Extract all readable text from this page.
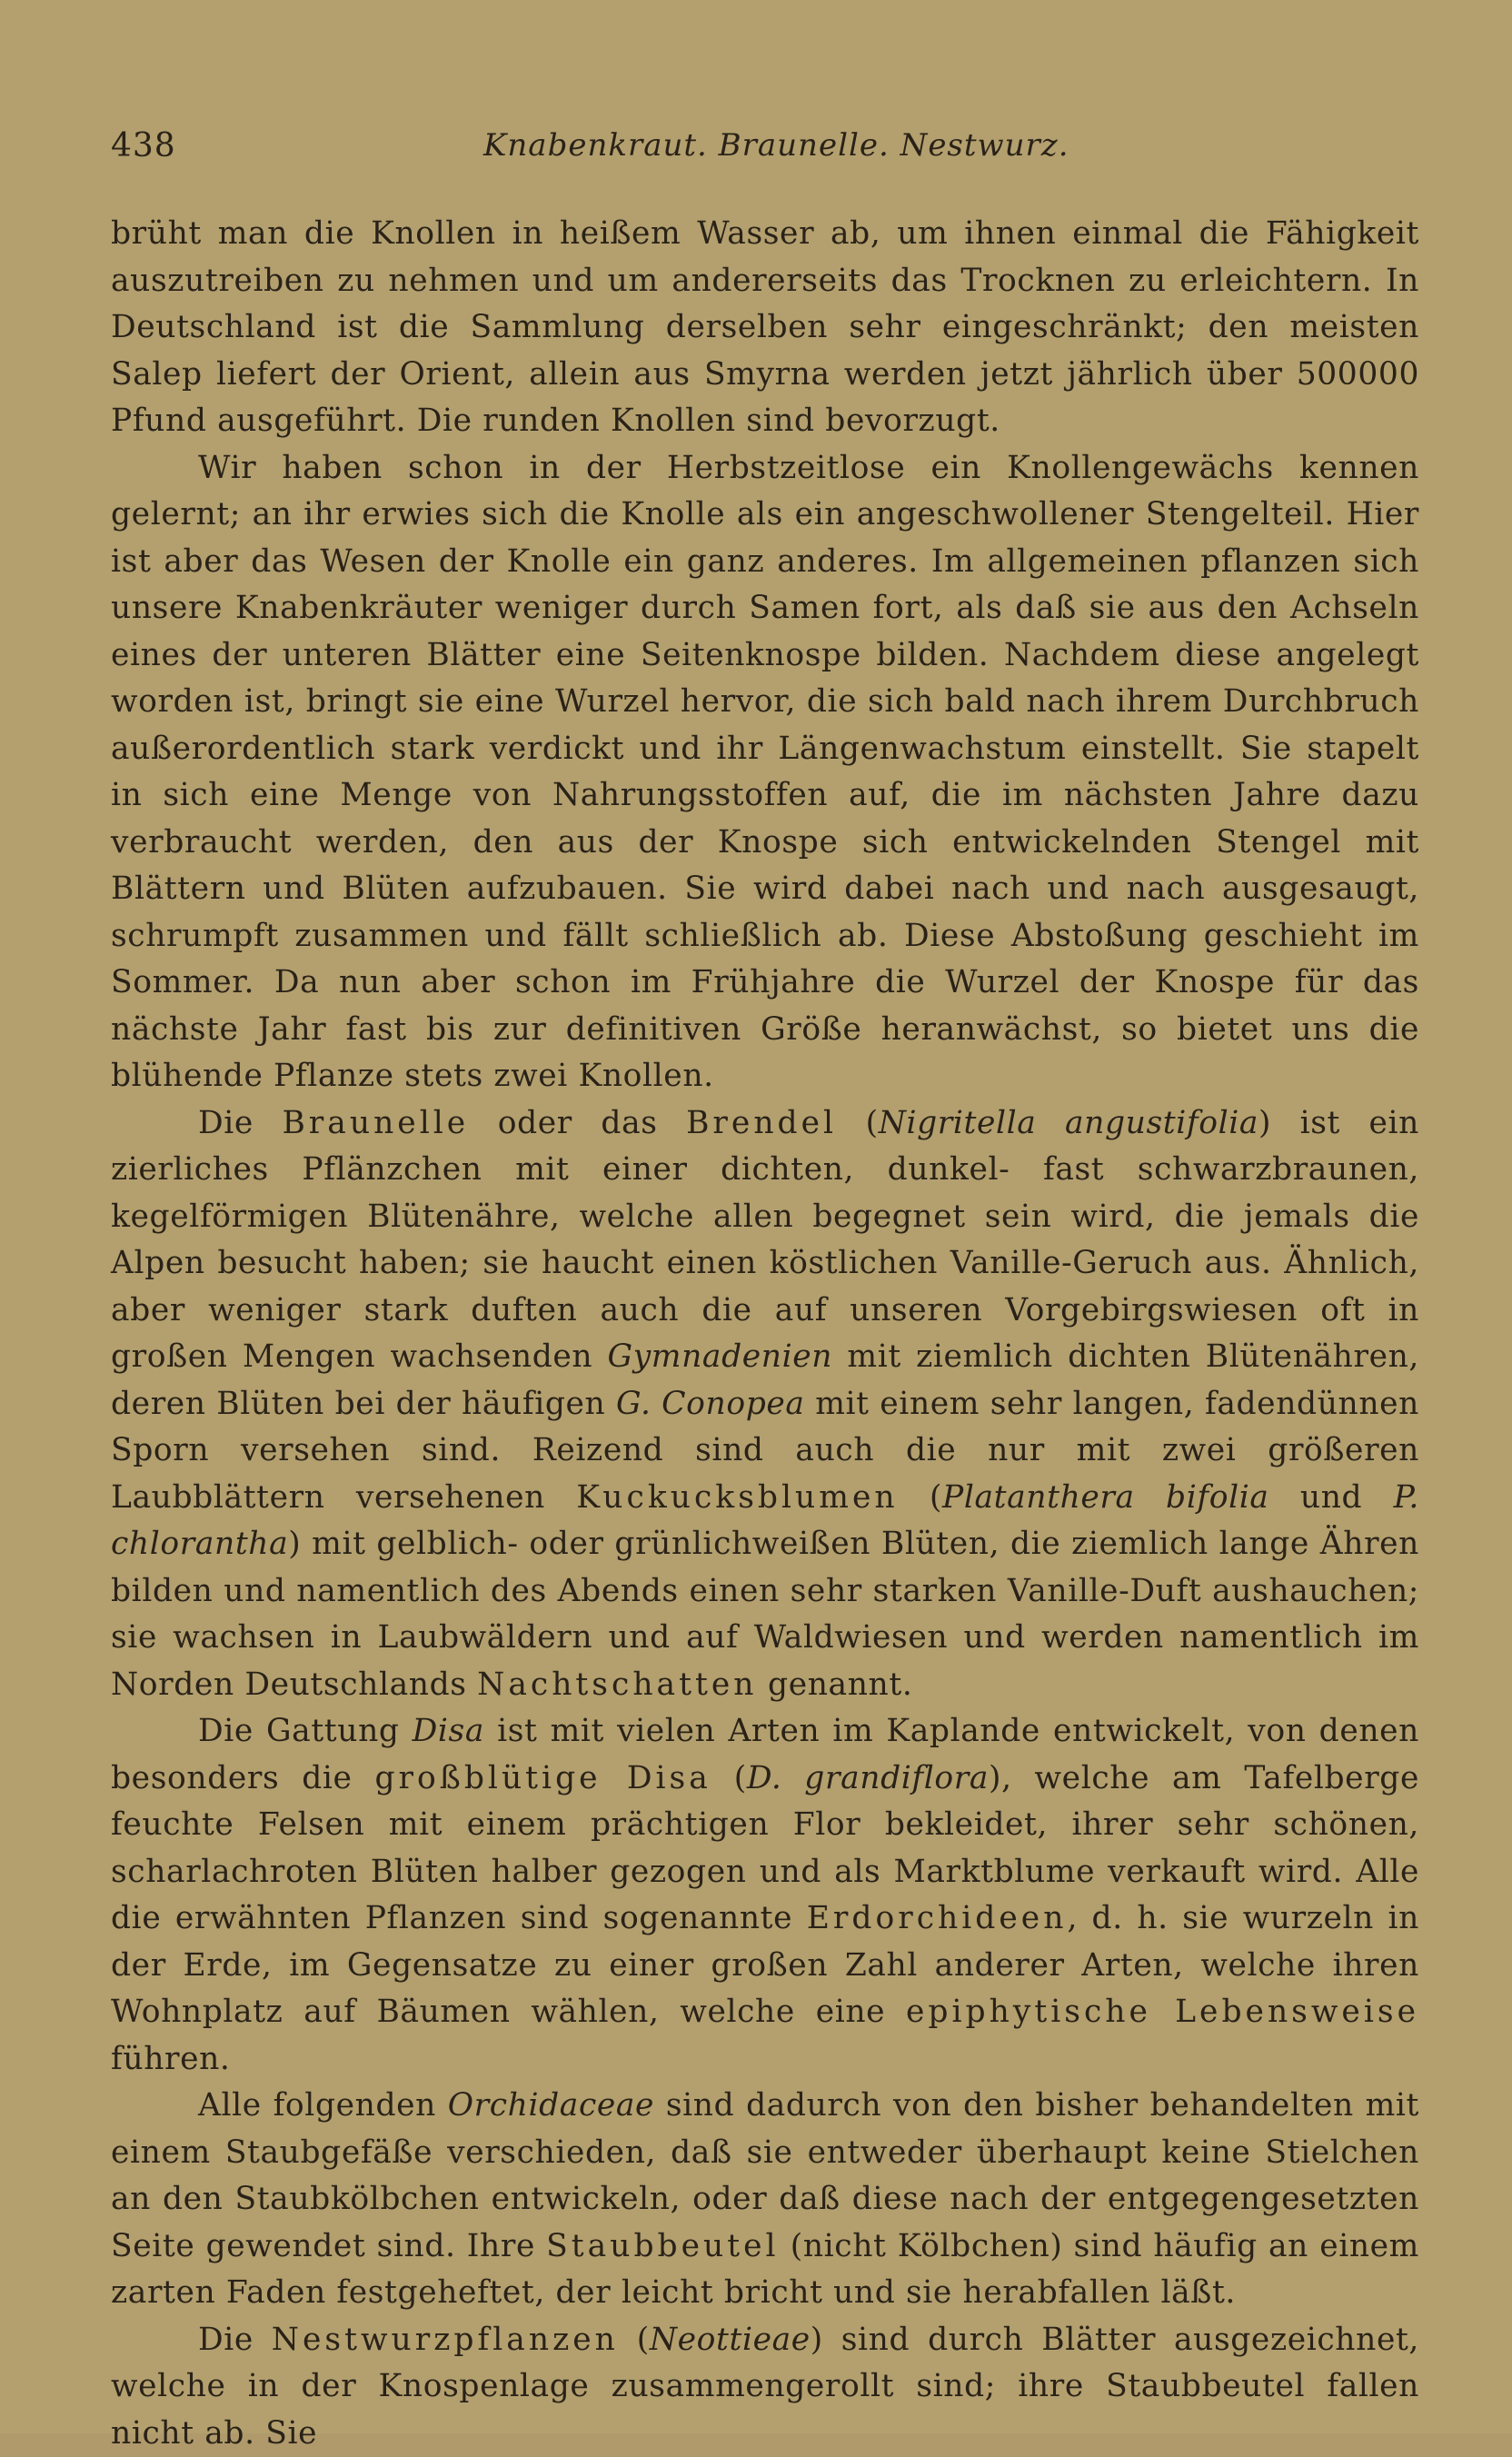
438	Knabenkraut. Braunelle. Nestwurz.

brüht man die Knollen in heißem Wasser ab, um ihnen einmal die Fähigkeit auszutreiben zu nehmen und um andererseits das Trocknen zu erleichtern. In Deutschland ist die Sammlung derselben sehr eingeschränkt; den meisten Salep liefert der Orient, allein aus Smyrna werden jetzt jährlich über 500000 Pfund ausgeführt. Die runden Knollen sind bevorzugt.

Wir haben schon in der Herbstzeitlose ein Knollengewächs kennen gelernt; an ihr erwies sich die Knolle als ein angeschwollener Stengelteil. Hier ist aber das Wesen der Knolle ein ganz anderes. Im allgemeinen pflanzen sich unsere Knabenkräuter weniger durch Samen fort, als daß sie aus den Achseln eines der unteren Blätter eine Seitenknospe bilden. Nachdem diese angelegt worden ist, bringt sie eine Wurzel hervor, die sich bald nach ihrem Durchbruch außerordentlich stark verdickt und ihr Längenwachstum einstellt. Sie stapelt in sich eine Menge von Nahrungsstoffen auf, die im nächsten Jahre dazu verbraucht werden, den aus der Knospe sich entwickelnden Stengel mit Blättern und Blüten aufzubauen. Sie wird dabei nach und nach ausgesaugt, schrumpft zusammen und fällt schließlich ab. Diese Abstoßung geschieht im Sommer. Da nun aber schon im Frühjahre die Wurzel der Knospe für das nächste Jahr fast bis zur definitiven Größe heranwächst, so bietet uns die blühende Pflanze stets zwei Knollen.

Die Braunelle oder das Brendel (Nigritella angustifolia) ist ein zierliches Pflänzchen mit einer dichten, dunkel- fast schwarzbraunen, kegelförmigen Blütenähre, welche allen begegnet sein wird, die jemals die Alpen besucht haben; sie haucht einen köstlichen Vanille-Geruch aus. Ähnlich, aber weniger stark duften auch die auf unseren Vorgebirgswiesen oft in großen Mengen wachsenden Gymnadenien mit ziemlich dichten Blütenähren, deren Blüten bei der häufigen G. Conopea mit einem sehr langen, fadendünnen Sporn versehen sind. Reizend sind auch die nur mit zwei größeren Laubblättern versehenen Kuckucksblumen (Platanthera bifolia und P. chlorantha) mit gelblich- oder grünlichweißen Blüten, die ziemlich lange Ähren bilden und namentlich des Abends einen sehr starken Vanille-Duft aushauchen; sie wachsen in Laubwäldern und auf Waldwiesen und werden namentlich im Norden Deutschlands Nachtschatten genannt.

Die Gattung Disa ist mit vielen Arten im Kaplande entwickelt, von denen besonders die großblütige Disa (D. grandiflora), welche am Tafelberge feuchte Felsen mit einem prächtigen Flor bekleidet, ihrer sehr schönen, scharlachroten Blüten halber gezogen und als Marktblume verkauft wird. Alle die erwähnten Pflanzen sind sogenannte Erdorchideen, d. h. sie wurzeln in der Erde, im Gegensatze zu einer großen Zahl anderer Arten, welche ihren Wohnplatz auf Bäumen wählen, welche eine epiphytische Lebensweise führen.

Alle folgenden Orchidaceae sind dadurch von den bisher behandelten mit einem Staubgefäße verschieden, daß sie entweder überhaupt keine Stielchen an den Staubkölbchen entwickeln, oder daß diese nach der entgegengesetzten Seite gewendet sind. Ihre Staubbeutel (nicht Kölbchen) sind häufig an einem zarten Faden festgeheftet, der leicht bricht und sie herabfallen läßt.

Die Nestwurzpflanzen (Neottieae) sind durch Blätter ausgezeichnet, welche in der Knospenlage zusammengerollt sind; ihre Staubbeutel fallen nicht ab. Sie
